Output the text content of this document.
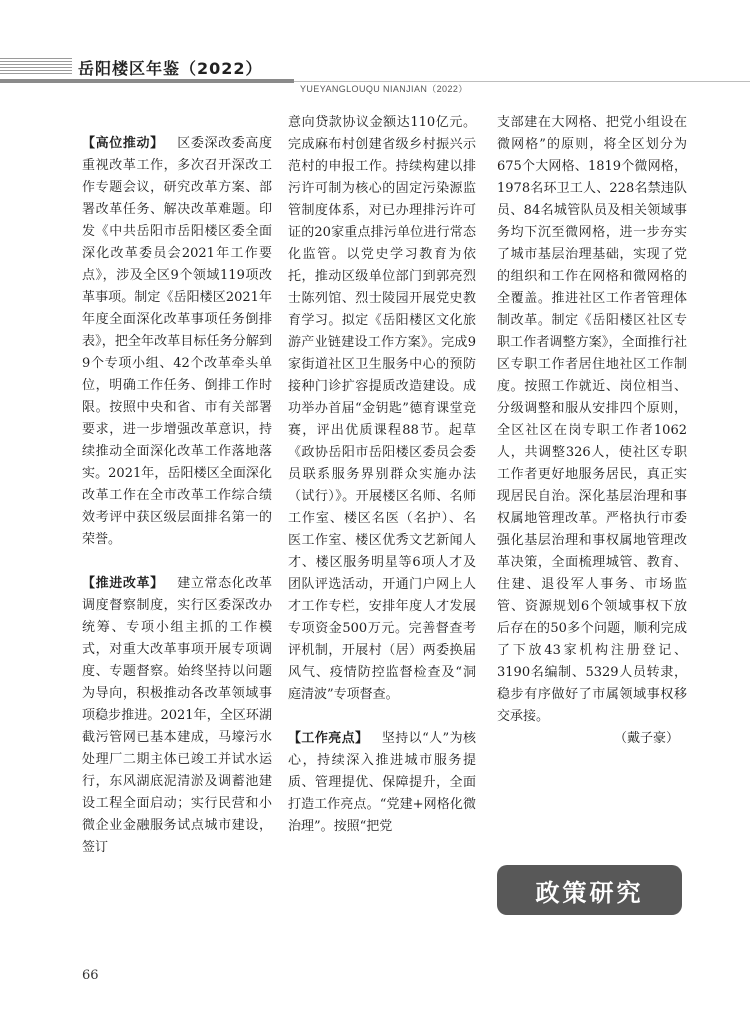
岳阳楼区年鉴（2022）
YUEYANGLOUQU NIANJIAN（2022）

【高位推动】  区委深改委高度重视改革工作，多次召开深改工作专题会议，研究改革方案、部署改革任务、解决改革难题。印发《中共岳阳市岳阳楼区委全面深化改革委员会2021年工作要点》，涉及全区9个领域119项改革事项。制定《岳阳楼区2021年年度全面深化改革事项任务倒排表》，把全年改革目标任务分解到9个专项小组、42个改革牵头单位，明确工作任务、倒排工作时限。按照中央和省、市有关部署要求，进一步增强改革意识，持续推动全面深化改革工作落地落实。2021年，岳阳楼区全面深化改革工作在全市改革工作综合绩效考评中获区级层面排名第一的荣誉。

【推进改革】  建立常态化改革调度督察制度，实行区委深改办统筹、专项小组主抓的工作模式，对重大改革事项开展专项调度、专题督察。始终坚持以问题为导向，积极推动各改革领域事项稳步推进。2021年，全区环湖截污管网已基本建成，马壕污水处理厂二期主体已竣工并试水运行，东风湖底泥清淤及调蓄池建设工程全面启动；实行民营和小微企业金融服务试点城市建设，签订

意向贷款协议金额达110亿元。完成麻布村创建省级乡村振兴示范村的申报工作。持续构建以排污许可制为核心的固定污染源监管制度体系，对已办理排污许可证的20家重点排污单位进行常态化监管。以党史学习教育为依托，推动区级单位部门到郭亮烈士陈列馆、烈士陵园开展党史教育学习。拟定《岳阳楼区文化旅游产业链建设工作方案》。完成9家街道社区卫生服务中心的预防接种门诊扩容提质改造建设。成功举办首届“金钥匙”德育课堂竞赛，评出优质课程88节。起草《政协岳阳市岳阳楼区委员会委员联系服务界别群众实施办法（试行）》。开展楼区名师、名师工作室、楼区名医（名护）、名医工作室、楼区优秀文艺新闻人才、楼区服务明星等6项人才及团队评选活动，开通门户网上人才工作专栏，安排年度人才发展专项资金500万元。完善督查考评机制，开展村（居）两委换届风气、疫情防控监督检查及“洞庭清波”专项督查。

【工作亮点】  坚持以“人”为核心，持续深入推进城市服务提质、管理提优、保障提升，全面打造工作亮点。“党建+网格化微治理”。按照“把党

支部建在大网格、把党小组设在微网格”的原则，将全区划分为675个大网格、1819个微网格，1978名环卫工人、228名禁违队员、84名城管队员及相关领域事务均下沉至微网格，进一步夯实了城市基层治理基础，实现了党的组织和工作在网格和微网格的全覆盖。推进社区工作者管理体制改革。制定《岳阳楼区社区专职工作者调整方案》，全面推行社区专职工作者居住地社区工作制度。按照工作就近、岗位相当、分级调整和服从安排四个原则，全区社区在岗专职工作者1062人，共调整326人，使社区专职工作者更好地服务居民，真正实现居民自治。深化基层治理和事权属地管理改革。严格执行市委强化基层治理和事权属地管理改革决策，全面梳理城管、教育、住建、退役军人事务、市场监管、资源规划6个领域事权下放后存在的50多个问题，顺利完成了下放43家机构注册登记、3190名编制、5329人员转隶，稳步有序做好了市属领域事权移交承接。

（戴子豪）

政策研究
66
